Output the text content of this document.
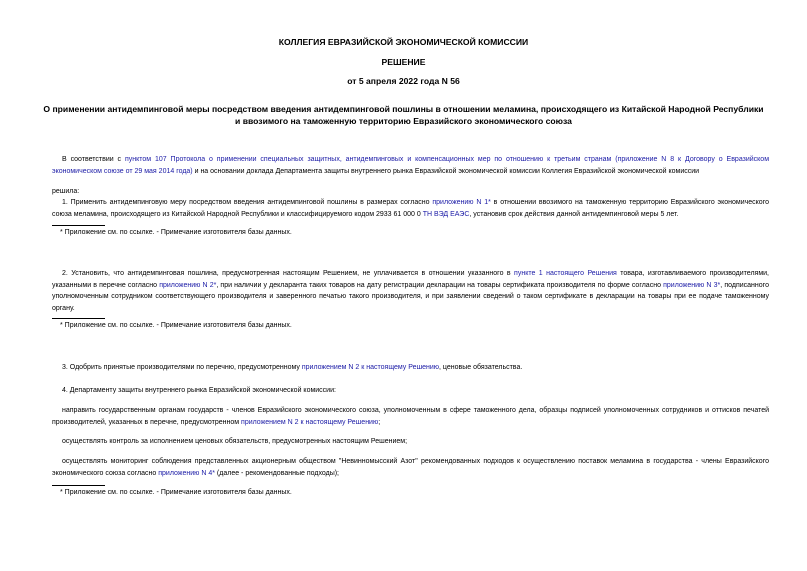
КОЛЛЕГИЯ ЕВРАЗИЙСКОЙ ЭКОНОМИЧЕСКОЙ КОМИССИИ
РЕШЕНИЕ
от 5 апреля 2022 года N 56
О применении антидемпинговой меры посредством введения антидемпинговой пошлины в отношении меламина, происходящего из Китайской Народной Республики и ввозимого на таможенную территорию Евразийского экономического союза
В соответствии с пунктом 107 Протокола о применении специальных защитных, антидемпинговых и компенсационных мер по отношению к третьим странам (приложение N 8 к Договору о Евразийском экономическом союзе от 29 мая 2014 года) и на основании доклада Департамента защиты внутреннего рынка Евразийской экономической комиссии Коллегия Евразийской экономической комиссии
решила:
1. Применить антидемпинговую меру посредством введения антидемпинговой пошлины в размерах согласно приложению N 1* в отношении ввозимого на таможенную территорию Евразийского экономического союза меламина, происходящего из Китайской Народной Республики и классифицируемого кодом 2933 61 000 0 ТН ВЭД ЕАЭС, установив срок действия данной антидемпинговой меры 5 лет.
* Приложение см. по ссылке. - Примечание изготовителя базы данных.
2. Установить, что антидемпинговая пошлина, предусмотренная настоящим Решением, не уплачивается в отношении указанного в пункте 1 настоящего Решения товара, изготавливаемого производителями, указанными в перечне согласно приложению N 2*, при наличии у декларанта таких товаров на дату регистрации декларации на товары сертификата производителя по форме согласно приложению N 3*, подписанного уполномоченным сотрудником соответствующего производителя и заверенного печатью такого производителя, и при заявлении сведений о таком сертификате в декларации на товары при ее подаче таможенному органу.
* Приложение см. по ссылке. - Примечание изготовителя базы данных.
3. Одобрить принятые производителями по перечню, предусмотренному приложением N 2 к настоящему Решению, ценовые обязательства.
4. Департаменту защиты внутреннего рынка Евразийской экономической комиссии:
направить государственным органам государств - членов Евразийского экономического союза, уполномоченным в сфере таможенного дела, образцы подписей уполномоченных сотрудников и оттисков печатей производителей, указанных в перечне, предусмотренном приложением N 2 к настоящему Решению;
осуществлять контроль за исполнением ценовых обязательств, предусмотренных настоящим Решением;
осуществлять мониторинг соблюдения представленных акционерным обществом "Невинномысский Азот" рекомендованных подходов к осуществлению поставок меламина в государства - члены Евразийского экономического союза согласно приложению N 4* (далее - рекомендованные подходы);
* Приложение см. по ссылке. - Примечание изготовителя базы данных.
